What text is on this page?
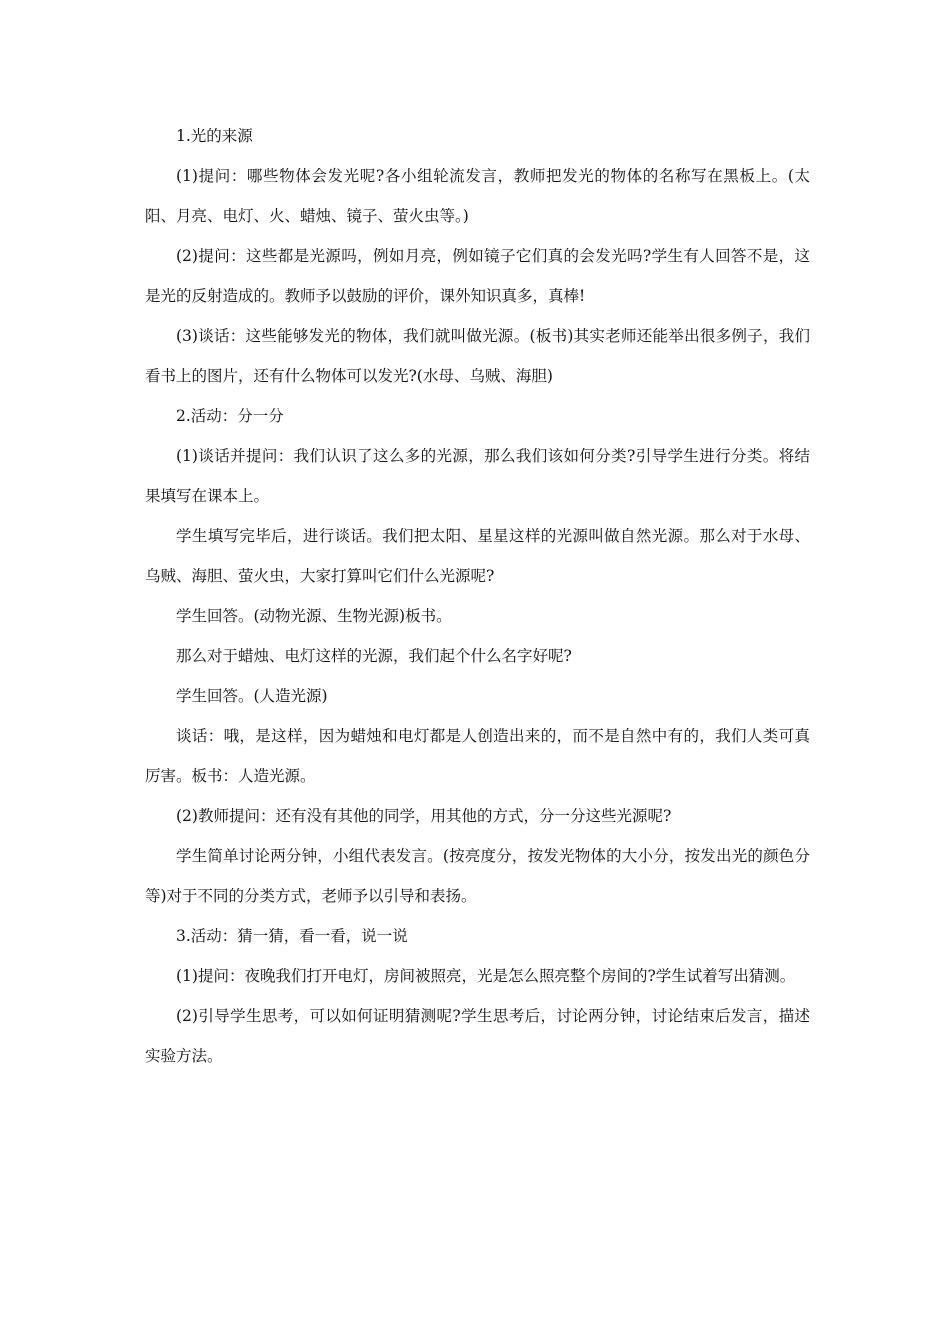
1.光的来源

(1)提问：哪些物体会发光呢?各小组轮流发言，教师把发光的物体的名称写在黑板上。(太阳、月亮、电灯、火、蜡烛、镜子、萤火虫等。)

(2)提问：这些都是光源吗，例如月亮，例如镜子它们真的会发光吗?学生有人回答不是，这是光的反射造成的。教师予以鼓励的评价，课外知识真多，真棒!

(3)谈话：这些能够发光的物体，我们就叫做光源。(板书)其实老师还能举出很多例子，我们看书上的图片，还有什么物体可以发光?(水母、乌贼、海胆)

2.活动：分一分

(1)谈话并提问：我们认识了这么多的光源，那么我们该如何分类?引导学生进行分类。将结果填写在课本上。

学生填写完毕后，进行谈话。我们把太阳、星星这样的光源叫做自然光源。那么对于水母、乌贼、海胆、萤火虫，大家打算叫它们什么光源呢?

学生回答。(动物光源、生物光源)板书。

那么对于蜡烛、电灯这样的光源，我们起个什么名字好呢?

学生回答。(人造光源)

谈话：哦，是这样，因为蜡烛和电灯都是人创造出来的，而不是自然中有的，我们人类可真厉害。板书：人造光源。

(2)教师提问：还有没有其他的同学，用其他的方式，分一分这些光源呢?

学生简单讨论两分钟，小组代表发言。(按亮度分，按发光物体的大小分，按发出光的颜色分等)对于不同的分类方式，老师予以引导和表扬。

3.活动：猜一猜，看一看，说一说

(1)提问：夜晚我们打开电灯，房间被照亮，光是怎么照亮整个房间的?学生试着写出猜测。

(2)引导学生思考，可以如何证明猜测呢?学生思考后，讨论两分钟，讨论结束后发言，描述实验方法。
